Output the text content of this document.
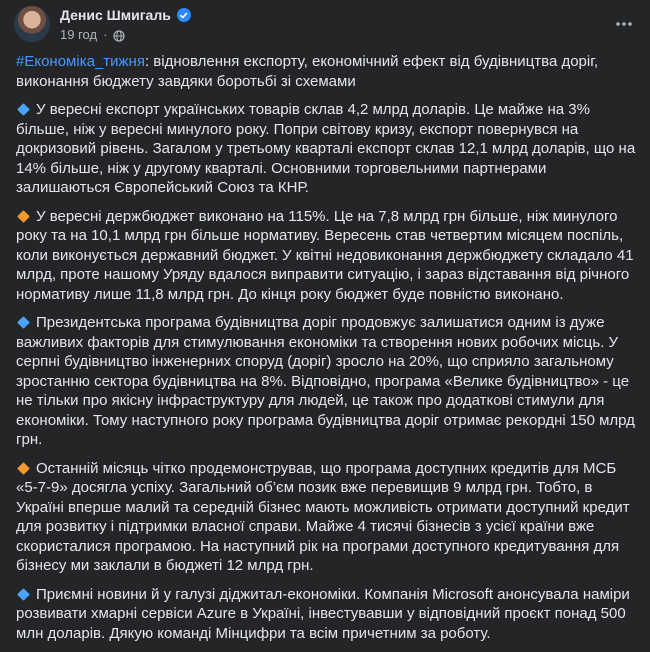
Денис Шмигаль
19 год ·

#Економіка_тижня: відновлення експорту, економічний ефект від будівництва доріг, виконання бюджету завдяки боротьбі зі схемами

У вересні експорт українських товарів склав 4,2 млрд доларів. Це майже на 3% більше, ніж у вересні минулого року. Попри світову кризу, експорт повернувся на докризовий рівень. Загалом у третьому кварталі експорт склав 12,1 млрд доларів, що на 14% більше, ніж у другому кварталі. Основними торговельними партнерами залишаються Європейський Союз та КНР.

У вересні держбюджет виконано на 115%. Це на 7,8 млрд грн більше, ніж минулого року та на 10,1 млрд грн більше нормативу. Вересень став четвертим місяцем поспіль, коли виконується державний бюджет. У квітні недовиконання держбюджету складало 41 млрд, проте нашому Уряду вдалося виправити ситуацію, і зараз відставання від річного нормативу лише 11,8 млрд грн. До кінця року бюджет буде повністю виконано.

Президентська програма будівництва доріг продовжує залишатися одним із дуже важливих факторів для стимулювання економіки та створення нових робочих місць. У серпні будівництво інженерних споруд (доріг) зросло на 20%, що сприяло загальному зростанню сектора будівництва на 8%. Відповідно, програма «Велике будівництво» - це не тільки про якісну інфраструктуру для людей, це також про додаткові стимули для економіки. Тому наступного року програма будівництва доріг отримає рекордні 150 млрд грн.

Останній місяць чітко продемонстрував, що програма доступних кредитів для МСБ «5-7-9» досягла успіху. Загальний об’єм позик вже перевищив 9 млрд грн. Тобто, в Україні вперше малий та середній бізнес мають можливість отримати доступний кредит для розвитку і підтримки власної справи. Майже 4 тисячі бізнесів з усієї країни вже скористалися програмою. На наступний рік на програми доступного кредитування для бізнесу ми заклали в бюджеті 12 млрд грн.

Приємні новини й у галузі діджитал-економіки. Компанія Microsoft анонсувала наміри розвивати хмарні сервіси Azure в Україні, інвестувавши у відповідний проєкт понад 500 млн доларів. Дякую команді Мінцифри та всім причетним за роботу.
